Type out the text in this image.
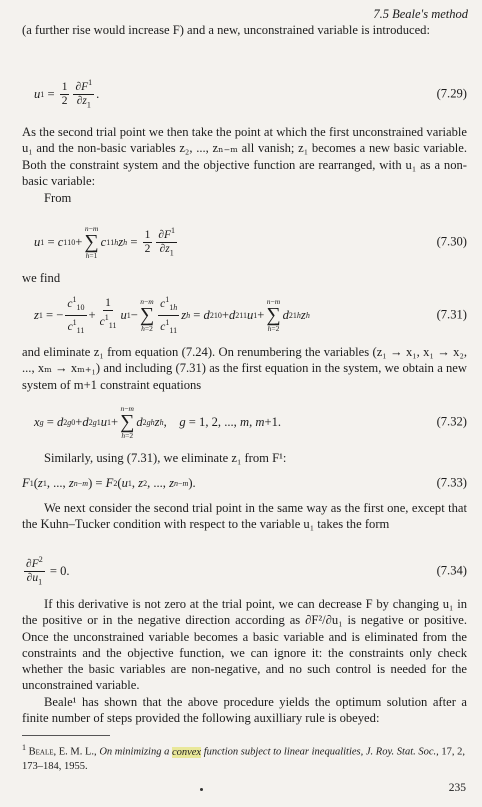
7.5 Beale's method

(a further rise would increase F) and a new, unconstrained variable is introduced:

u $1 = \frac{1}{2} \frac{\partial F^1}{\partial z_1}$ .	(7.29)

As the second trial point we then take the point at which the first unconstrained variable u₁ and the non-basic variables z₂, ..., zₙ₋ₘ all vanish; z₁ becomes a new basic variable. Both the constraint system and the objective function are rearranged, with u₁ as a non-basic variable:

From

u 1 = c 1 10 +
n−m
∑
h=1
c 1 1h z $h = \frac{1}{2} \frac{\partial F^1}{\partial z_1}$	(7.30)

we find

z 1 = − $\frac{c^1_{10}}{c^1_{11}} + \frac{1}{c^1_{11}}$ u 1 −
n−m
∑
$h=2 \frac{c^1_{1h}}{c^1_{11}}$ z h = d 2 10 + d 2 11 u 1 +
n−m
∑
h=2
d 2 1h z h	(7.31)

and eliminate z₁ from equation (7.24). On renumbering the variables (z₁ → x₁, x₁ → x₂, ..., xₘ → xₘ₊₁) and including (7.31) as the first equation in the system, we obtain a new system of m+1 constraint equations

x g = d 2 g0 + d 2 g1 u 1 +
n−m
∑
h=2
d 2 gh z h , g = 1, 2, ..., m , m +1.	(7.32)

Similarly, using (7.31), we eliminate z₁ from F¹:

F 1 ( z 1 , ..., z n−m ) = F 2 ( u 1 , z 2 , ..., z n−m ).	(7.33)

We next consider the second trial point in the same way as the first one, except that the Kuhn–Tucker condition with respect to the variable u₁ takes the form

$\frac{\partial F^2}{\partial u_1} = 0$.	(7.34)

If this derivative is not zero at the trial point, we can decrease F by changing u₁ in the positive or in the negative direction according as ∂F²/∂u₁ is negative or positive. Once the unconstrained variable becomes a basic variable and is eliminated from the constraints and the objective function, we can ignore it: the constraints only check whether the basic variables are non-negative, and no such control is needed for the unconstrained variable.

Beale¹ has shown that the above procedure yields the optimum solution after a finite number of steps provided the following auxilliary rule is obeyed:

$^1$ Beale, E. M. L., On minimizing a convex function subject to linear inequalities, J. Roy. Stat. Soc., 17, 2, 173–184, 1955.
235
